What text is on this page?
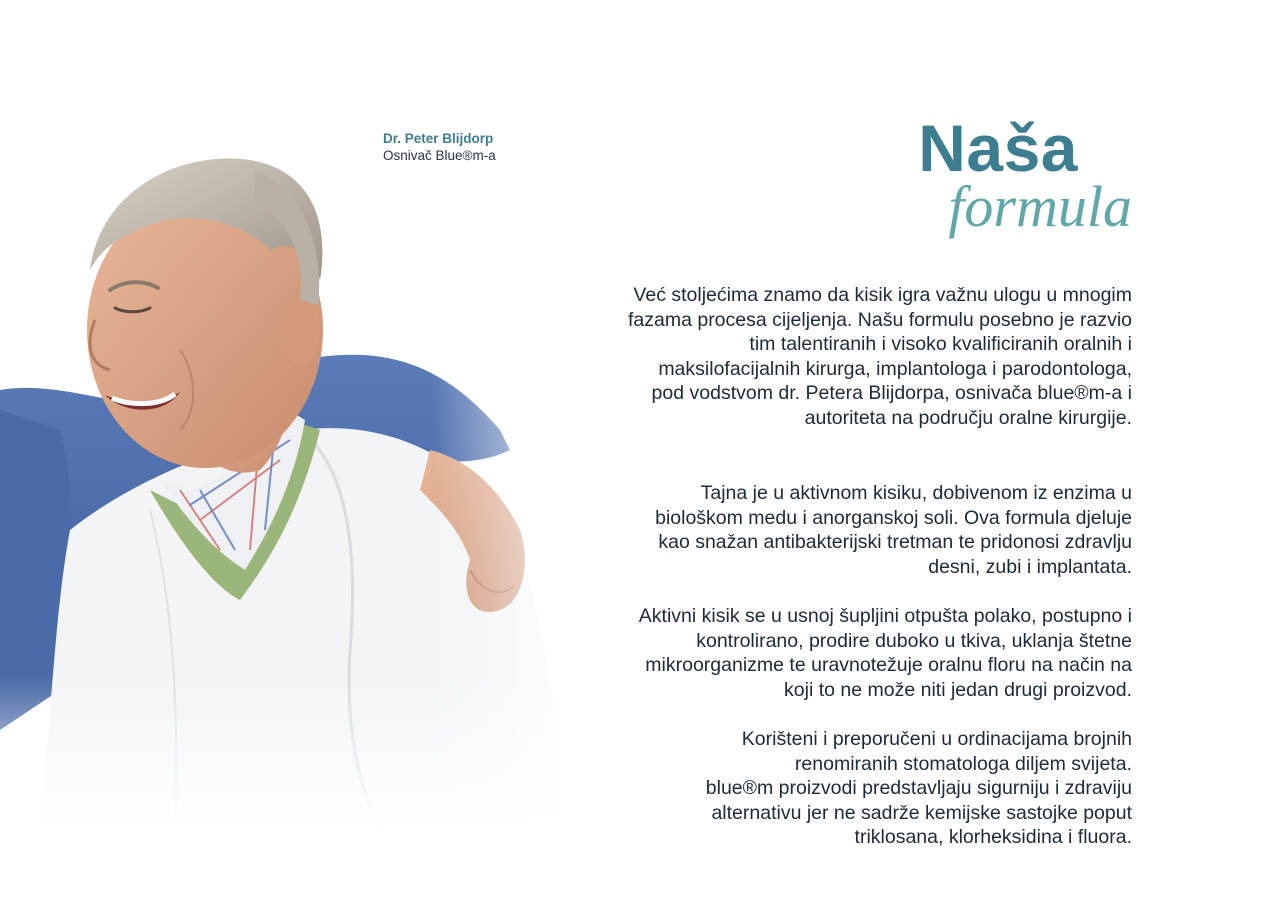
Dr. Peter Blijdorp
Osnivač Blue®m-a	Naša
formula
Već stoljećima znamo da kisik igra važnu ulogu u mnogim
fazama procesa cijeljenja. Našu formulu posebno je razvio
tim talentiranih i visoko kvalificiranih oralnih i
maksilofacijalnih kirurga, implantologa i parodontologa,
pod vodstvom dr. Petera Blijdorpa, osnivača blue®m-a i
autoriteta na području oralne kirurgije.
Tajna je u aktivnom kisiku, dobivenom iz enzima u
biološkom medu i anorganskoj soli. Ova formula djeluje
kao snažan antibakterijski tretman te pridonosi zdravlju
desni, zubi i implantata.
Aktivni kisik se u usnoj šupljini otpušta polako, postupno i
kontrolirano, prodire duboko u tkiva, uklanja štetne
mikroorganizme te uravnotežuje oralnu floru na način na
koji to ne može niti jedan drugi proizvod.
Korišteni i preporučeni u ordinacijama brojnih
renomiranih stomatologa diljem svijeta.
blue®m proizvodi predstavljaju sigurniju i zdraviju
alternativu jer ne sadrže kemijske sastojke poput
triklosana, klorheksidina i fluora.
